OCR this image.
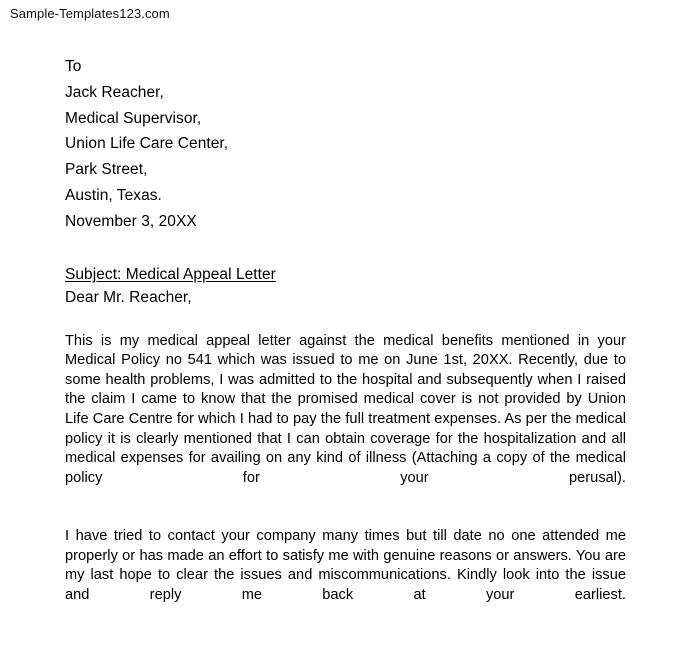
Sample-Templates123.com
To
Jack Reacher,
Medical Supervisor,
Union Life Care Center,
Park Street,
Austin, Texas.
November 3, 20XX
Subject: Medical Appeal Letter
Dear Mr. Reacher,

This is my medical appeal letter against the medical benefits mentioned in your Medical Policy no 541 which was issued to me on June 1st, 20XX. Recently, due to some health problems, I was admitted to the hospital and subsequently when I raised the claim I came to know that the promised medical cover is not provided by Union Life Care Centre for which I had to pay the full treatment expenses. As per the medical policy it is clearly mentioned that I can obtain coverage for the hospitalization and all medical expenses for availing on any kind of illness (Attaching a copy of the medical policy for your perusal).

I have tried to contact your company many times but till date no one attended me properly or has made an effort to satisfy me with genuine reasons or answers. You are my last hope to clear the issues and miscommunications. Kindly look into the issue and reply me back at your earliest.
